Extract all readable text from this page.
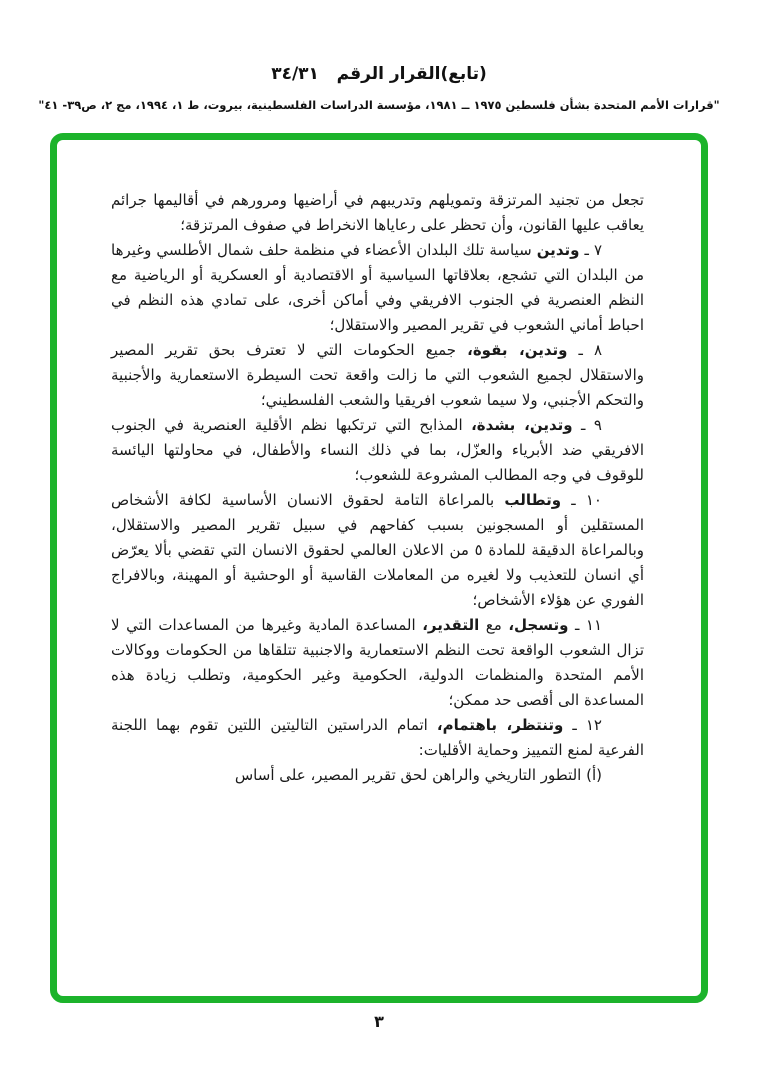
(تابع)القرار الرقم   ٣٤/٣١
"قرارات الأمم المتحدة بشأن فلسطين ١٩٧٥ ــ ١٩٨١، مؤسسة الدراسات الفلسطينية، بيروت، ط ١، ١٩٩٤، مج ٢، ص٣٩- ٤١"

تجعل من تجنيد المرتزقة وتمويلهم وتدريبهم في أراضيها ومرورهم في أقاليمها جرائم يعاقب عليها القانون، وأن تحظر على رعاياها الانخراط في صفوف المرتزقة؛

٧ ـ وتدين سياسة تلك البلدان الأعضاء في منظمة حلف شمال الأطلسي وغيرها من البلدان التي تشجع، بعلاقاتها السياسية أو الاقتصادية أو العسكرية أو الرياضية مع النظم العنصرية في الجنوب الافريقي وفي أماكن أخرى، على تمادي هذه النظم في احباط أماني الشعوب في تقرير المصير والاستقلال؛

٨ ـ وتدين، بقوة، جميع الحكومات التي لا تعترف بحق تقرير المصير والاستقلال لجميع الشعوب التي ما زالت واقعة تحت السيطرة الاستعمارية والأجنبية والتحكم الأجنبي، ولا سيما شعوب افريقيا والشعب الفلسطيني؛

٩ ـ وتدين، بشدة، المذابح التي ترتكبها نظم الأقلية العنصرية في الجنوب الافريقي ضد الأبرياء والعزّل، بما في ذلك النساء والأطفال، في محاولتها اليائسة للوقوف في وجه المطالب المشروعة للشعوب؛

١٠ ـ وتطالب بالمراعاة التامة لحقوق الانسان الأساسية لكافة الأشخاص المستقلين أو المسجونين بسبب كفاحهم في سبيل تقرير المصير والاستقلال، وبالمراعاة الدقيقة للمادة ٥ من الاعلان العالمي لحقوق الانسان التي تقضي بألا يعرّض أي انسان للتعذيب ولا لغيره من المعاملات القاسية أو الوحشية أو المهينة، وبالافراج الفوري عن هؤلاء الأشخاص؛

١١ ـ وتسجل، مع التقدير، المساعدة المادية وغيرها من المساعدات التي لا تزال الشعوب الواقعة تحت النظم الاستعمارية والاجنبية تتلقاها من الحكومات ووكالات الأمم المتحدة والمنظمات الدولية، الحكومية وغير الحكومية، وتطلب زيادة هذه المساعدة الى أقصى حد ممكن؛

١٢ ـ وتنتظر، باهتمام، اتمام الدراستين التاليتين اللتين تقوم بهما اللجنة الفرعية لمنع التمييز وحماية الأقليات:

(أ) التطور التاريخي والراهن لحق تقرير المصير، على أساس

٣
